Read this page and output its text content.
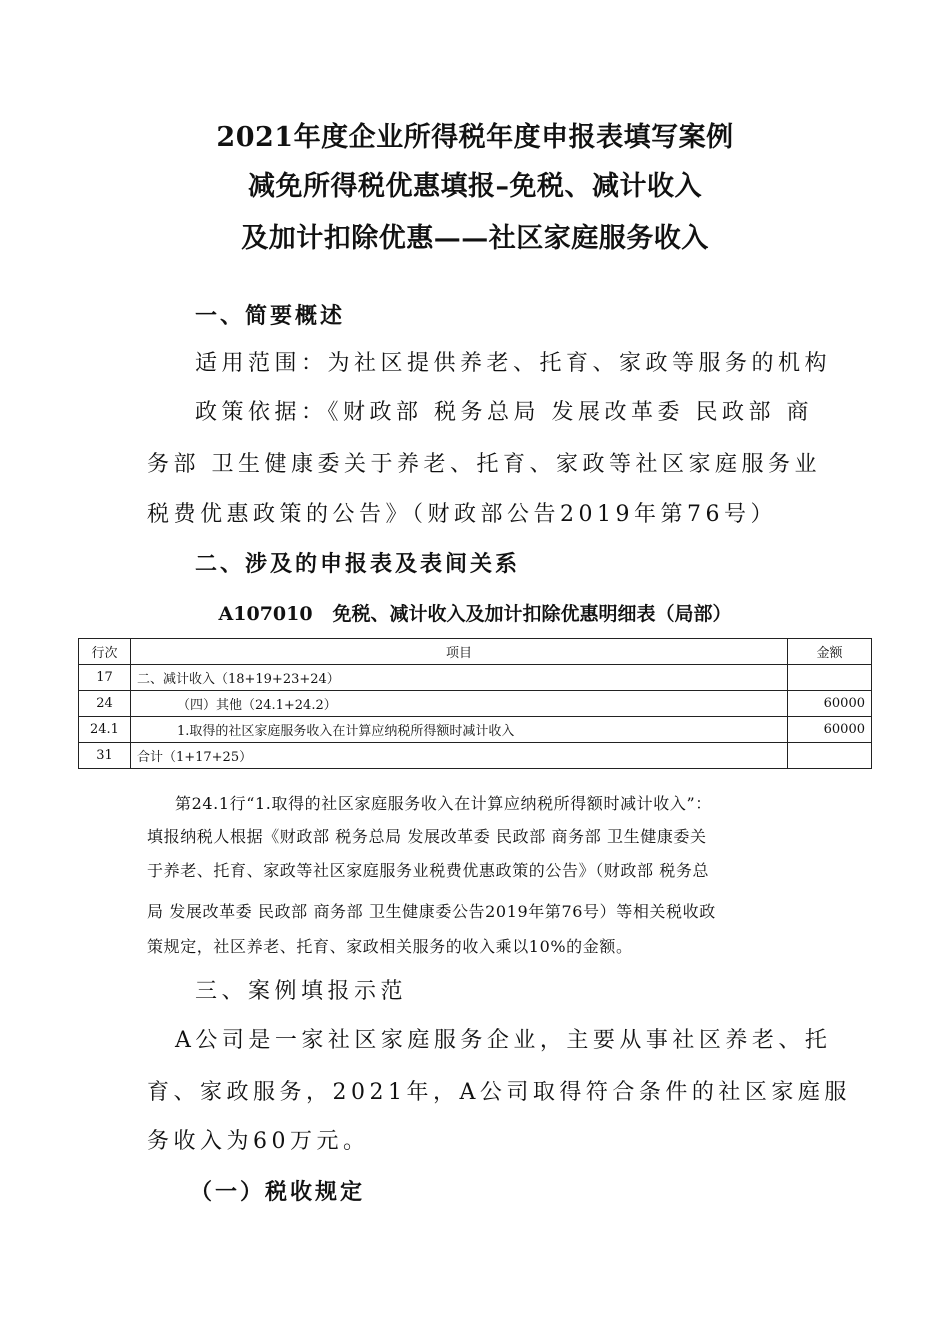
2021年度企业所得税年度申报表填写案例
减免所得税优惠填报–免税、减计收入
及加计扣除优惠——社区家庭服务收入
一、简要概述
适用范围：为社区提供养老、托育、家政等服务的机构
政策依据：《财政部 税务总局 发展改革委 民政部 商
务部 卫生健康委关于养老、托育、家政等社区家庭服务业
税费优惠政策的公告》（财政部公告2019年第76号）
二、涉及的申报表及表间关系
A107010   免税、减计收入及加计扣除优惠明细表（局部）
行次	项目	金额
17	二、减计收入（18+19+23+24）	
24	（四）其他（24.1+24.2）	60000
24.1	1.取得的社区家庭服务收入在计算应纳税所得额时减计收入	60000
31	合计（1+17+25）	
第24.1行“1.取得的社区家庭服务收入在计算应纳税所得额时减计收入”：
填报纳税人根据《财政部 税务总局 发展改革委 民政部 商务部 卫生健康委关
于养老、托育、家政等社区家庭服务业税费优惠政策的公告》（财政部 税务总
局 发展改革委 民政部 商务部 卫生健康委公告2019年第76号）等相关税收政
策规定，社区养老、托育、家政相关服务的收入乘以10%的金额。
三、案例填报示范
A公司是一家社区家庭服务企业，主要从事社区养老、托
育、家政服务，2021年，A公司取得符合条件的社区家庭服
务收入为60万元。
（一）税收规定
